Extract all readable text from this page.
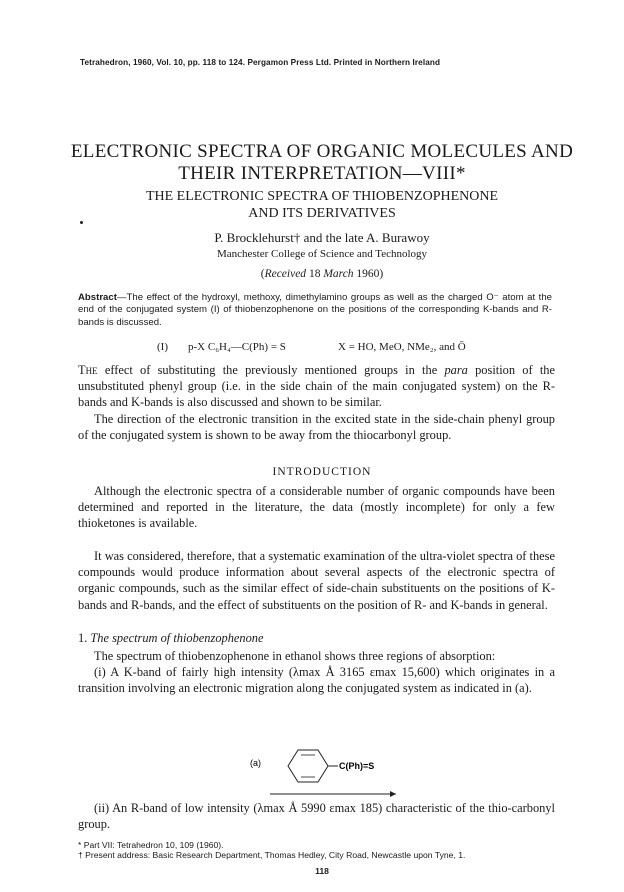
Tetrahedron, 1960, Vol. 10, pp. 118 to 124. Pergamon Press Ltd. Printed in Northern Ireland
ELECTRONIC SPECTRA OF ORGANIC MOLECULES AND
THEIR INTERPRETATION—VIII*
THE ELECTRONIC SPECTRA OF THIOBENZOPHENONE
AND ITS DERIVATIVES
P. Brocklehurst† and the late A. Burawoy
Manchester College of Science and Technology
(Received 18 March 1960)
Abstract—The effect of the hydroxyl, methoxy, dimethylamino groups as well as the charged O⁻ atom at the end of the conjugated system (I) of thiobenzophenone on the positions of the corresponding K-bands and R-bands is discussed.
(I) p-X C₆H₄—C(Ph) = S	X = HO, MeO, NMe₂, and Ō
The effect of substituting the previously mentioned groups in the para position of the unsubstituted phenyl group (i.e. in the side chain of the main conjugated system) on the R-bands and K-bands is also discussed and shown to be similar.
The direction of the electronic transition in the excited state in the side-chain phenyl group of the conjugated system is shown to be away from the thiocarbonyl group.
INTRODUCTION
Although the electronic spectra of a considerable number of organic compounds have been determined and reported in the literature, the data (mostly incomplete) for only a few thioketones is available.
It was considered, therefore, that a systematic examination of the ultra-violet spectra of these compounds would produce information about several aspects of the electronic spectra of organic compounds, such as the similar effect of side-chain substituents on the positions of K-bands and R-bands, and the effect of substituents on the position of R- and K-bands in general.
1. The spectrum of thiobenzophenone
The spectrum of thiobenzophenone in ethanol shows three regions of absorption:
(i) A K-band of fairly high intensity (λmax Å 3165 εmax 15,600) which originates in a transition involving an electronic migration along the conjugated system as indicated in (a).
(a)	C(Ph)=S
(ii) An R-band of low intensity (λmax Å 5990 εmax 185) characteristic of the thio-carbonyl group.
* Part VII: Tetrahedron 10, 109 (1960).
† Present address: Basic Research Department, Thomas Hedley, City Road, Newcastle upon Tyne, 1.
118
